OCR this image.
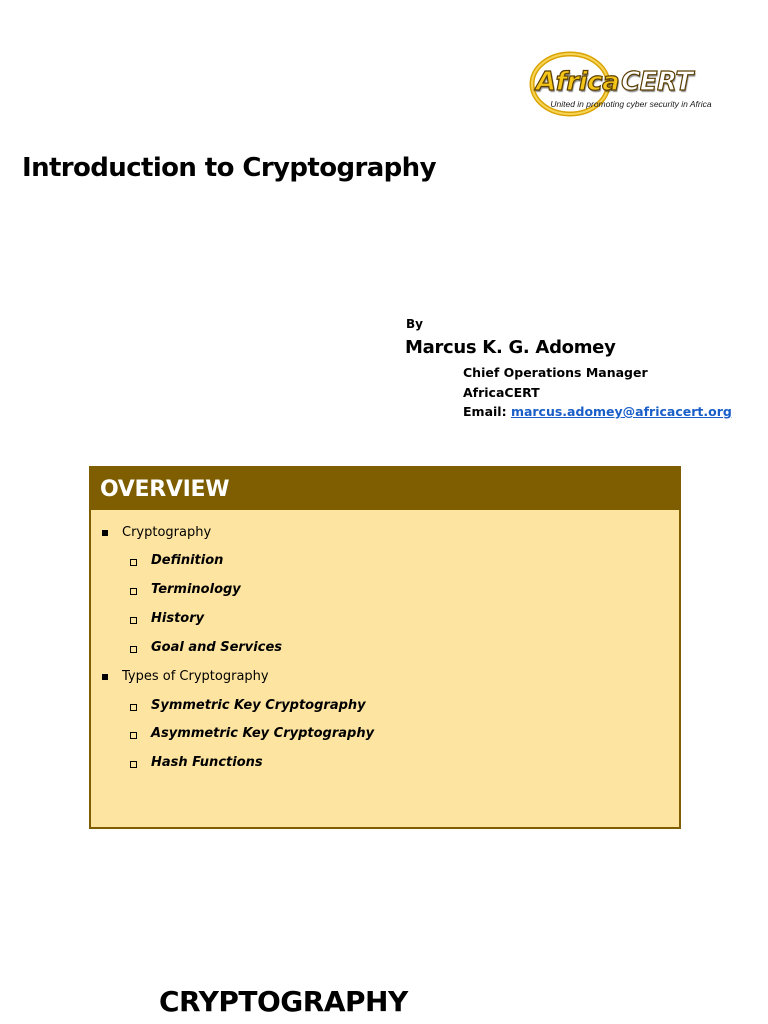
Africa CERT
United in promoting cyber security in Africa
Introduction to Cryptography
By
Marcus K. G. Adomey
Chief Operations Manager
AfricaCERT
Email: marcus.adomey@africacert.org
OVERVIEW
Cryptography
Definition
Terminology
History
Goal and Services
Types of Cryptography
Symmetric Key Cryptography
Asymmetric Key Cryptography
Hash Functions
CRYPTOGRAPHY
